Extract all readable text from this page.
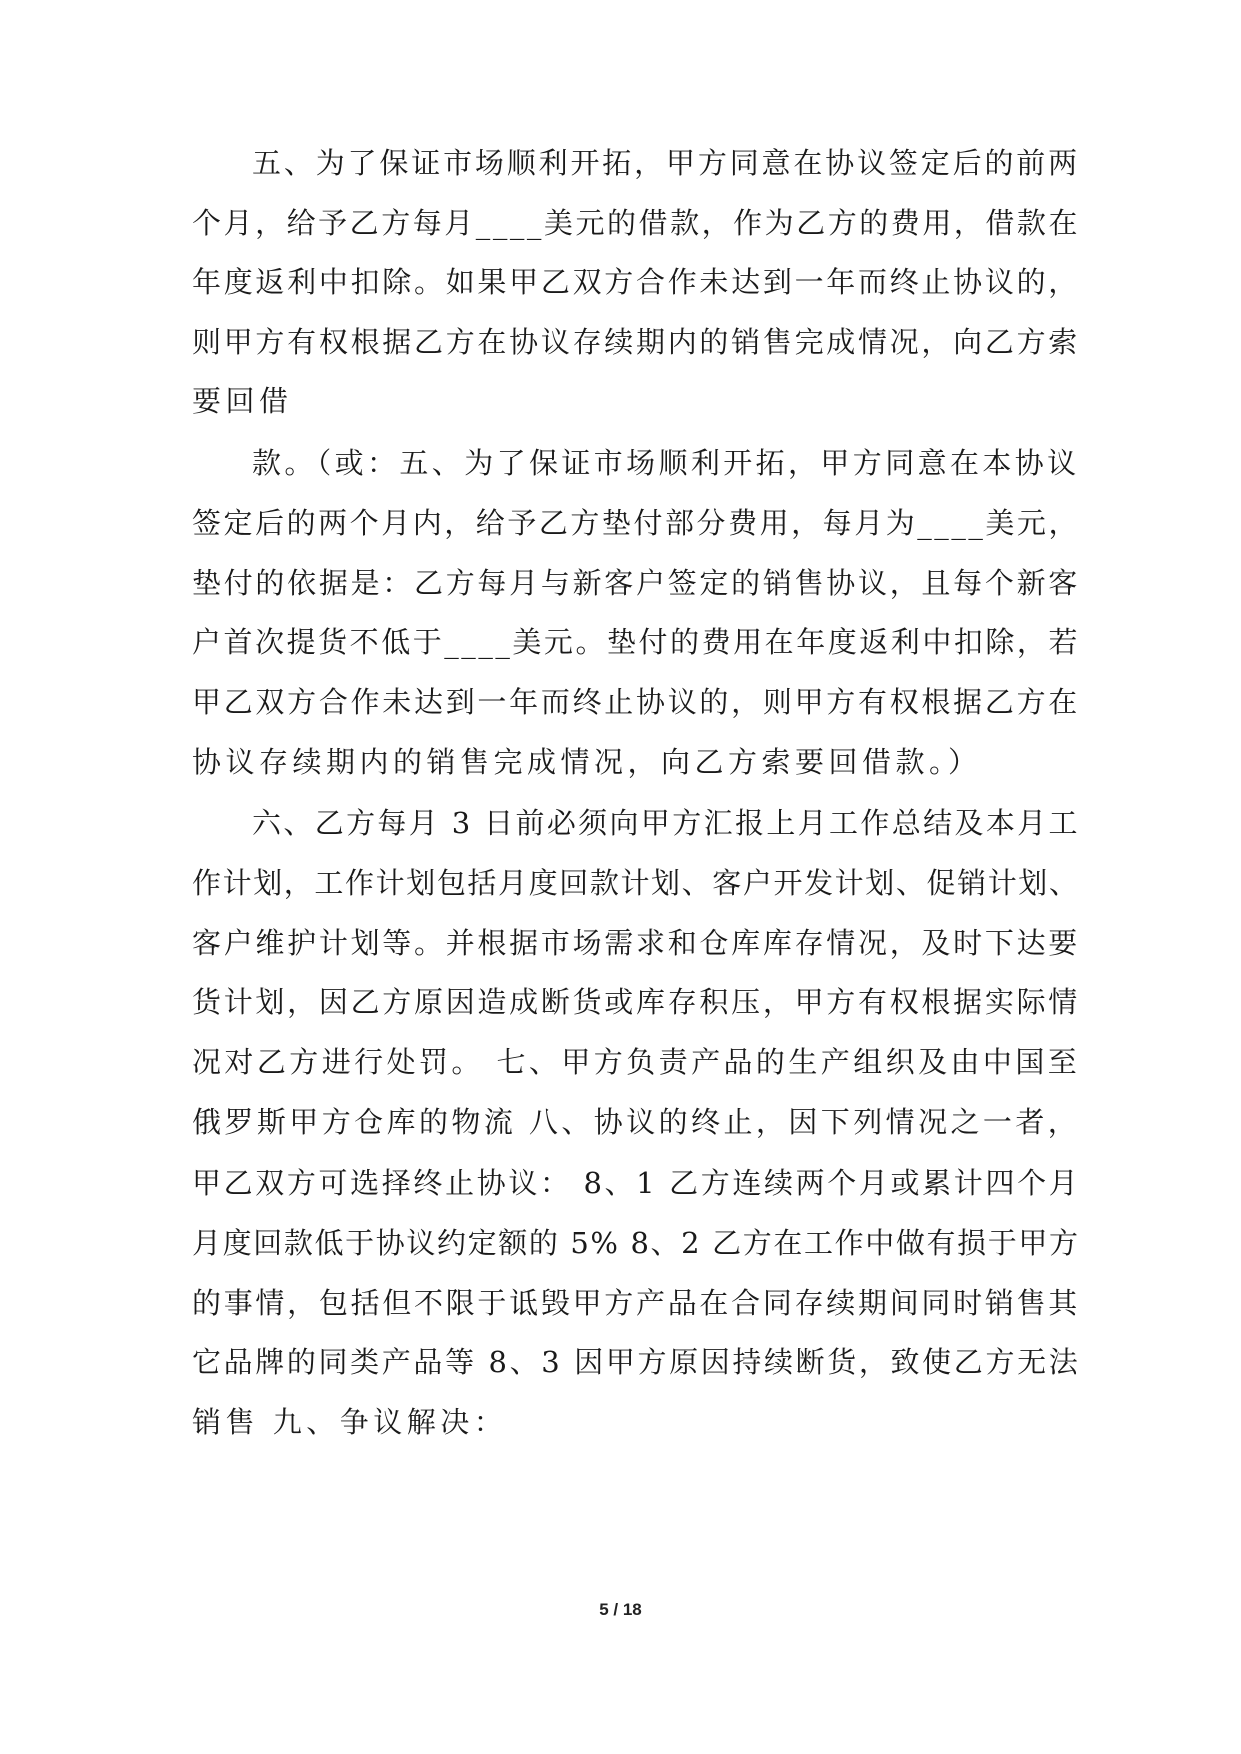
五、为了保证市场顺利开拓，甲方同意在协议签定后的前两
个月，给予乙方每月____美元的借款，作为乙方的费用，借款在
年度返利中扣除。如果甲乙双方合作未达到一年而终止协议的，
则甲方有权根据乙方在协议存续期内的销售完成情况，向乙方索
要回借
款。（或：五、为了保证市场顺利开拓，甲方同意在本协议
签定后的两个月内，给予乙方垫付部分费用，每月为____美元，
垫付的依据是：乙方每月与新客户签定的销售协议，且每个新客
户首次提货不低于____美元。垫付的费用在年度返利中扣除，若
甲乙双方合作未达到一年而终止协议的，则甲方有权根据乙方在
协议存续期内的销售完成情况，向乙方索要回借款。）
六、乙方每月 3 日前必须向甲方汇报上月工作总结及本月工
作计划，工作计划包括月度回款计划、客户开发计划、促销计划、
客户维护计划等。并根据市场需求和仓库库存情况，及时下达要
货计划，因乙方原因造成断货或库存积压，甲方有权根据实际情
况对乙方进行处罚。 七、甲方负责产品的生产组织及由中国至
俄罗斯甲方仓库的物流 八、协议的终止，因下列情况之一者，
甲乙双方可选择终止协议： 8、1 乙方连续两个月或累计四个月
月度回款低于协议约定额的 5% 8、2 乙方在工作中做有损于甲方
的事情，包括但不限于诋毁甲方产品在合同存续期间同时销售其
它品牌的同类产品等 8、3 因甲方原因持续断货，致使乙方无法
销售 九、争议解决：
5 / 18
